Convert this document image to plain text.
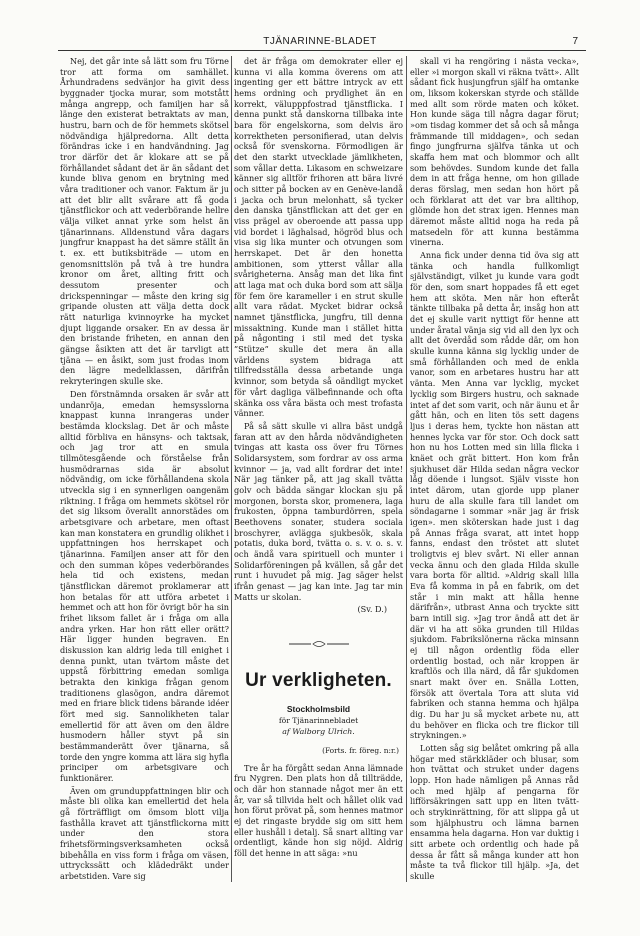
TJÄNARINNE-BLADET	7

Nej, det går inte så lätt som fru Törne tror att forma om samhället. Århundradens sedvänjor ha givit dess byggnader tjocka murar, som motstått många angrepp, och familjen har så länge den existerat betraktats av man, hustru, barn och de för hemmets skötsel nödvändiga hjälpredorna. Allt detta förändras icke i en handvändning. Jag tror därför det är klokare att se på förhållandet sådant det är än sådant det kunde bliva genom en brytning med våra traditioner och vanor. Faktum är ju att det blir allt svårare att få goda tjänstflickor och att vederbörande hellre välja vilket annat yrke som helst än tjänarinnans. Alldenstund våra dagars jungfrur knappast ha det sämre ställt än t. ex. ett butiksbiträde — utom en genomsnittslön på två à tre hundra kronor om året, allting fritt och dessutom presenter och drickspenningar — måste den kring sig gripande olusten att välja detta dock rätt naturliga kvinnoyrke ha mycket djupt liggande orsaker. En av dessa är den bristande friheten, en annan den gängse åsikten att det är tarvligt att tjäna — en åsikt, som just frodas inom den lägre medelklassen, därifrån rekryteringen skulle ske.

Den förstnämnda orsaken är svår att undanröja, emedan hemsysslorna knappast kunna inrangeras under bestämda klockslag. Det är och måste alltid förbliva en hänsyns- och taktsak, och jag tror att en smula tillmötesgående och förståelse från husmödrarnas sida är absolut nödvändig, om icke förhållandena skola utveckla sig i en synnerligen oangenäm riktning. I fråga om hemmets skötsel rör det sig liksom överallt annorstädes om arbetsgivare och arbetare, men oftast kan man konstatera en grundlig olikhet i uppfattningen hos herrskapet och tjänarinna. Familjen anser att för den och den summan köpes vederbörandes hela tid och existens, medan tjänstflickan däremot proklamerar att hon betalas för att utföra arbetet i hemmet och att hon för övrigt bör ha sin frihet liksom fallet är i fråga om alla andra yrken. Har hon rätt eller orätt? Här ligger hunden begraven. En diskussion kan aldrig leda till enighet i denna punkt, utan tvärtom måste det uppstå förbittring emedan somliga betrakta den kinkiga frågan genom traditionens glasögon, andra däremot med en friare blick tidens bärande idéer fört med sig. Sannolikheten talar emellertid för att även om den äldre husmodern håller styvt på sin bestämmanderätt över tjänarna, så torde den yngre komma att lära sig hyfla principer om arbetsgivare och funktionärer.

Även om grunduppfattningen blir och måste bli olika kan emellertid det hela gå förträffligt om ömsom blott vilja fasthålla kravet att tjänstflickorna mitt under den stora frihetsförmingsverksamheten också bibehålla en viss form i fråga om väsen, uttryckssätt och klädedräkt under arbetstiden. Vare sig

det är fråga om demokrater eller ej kunna vi alla komma överens om att ingenting ger ett bättre intryck av ett hems ordning och prydlighet än en korrekt, välupppfostrad tjänstflicka. I denna punkt stå danskorna tillbaka inte bara för engelskorna, som delvis äro korrektheten personifierad, utan delvis också för svenskorna. Förmodligen är det den starkt utvecklade jämlikheten, som vållar detta. Likasom en schweizare känner sig alltför frihoren att bära livré och sitter på bocken av en Genève-landå i jacka och brun melonhatt, så tycker den danska tjänstflickan att det ger en viss prägel av oberoende att passa upp vid bordet i läghalsad, högröd blus och visa sig lika munter och otvungen som herrskapet. Det är den honetta ambitionen, som ytterst vållar alla svårigheterna. Ansåg man det lika fint att laga mat och duka bord som att sälja för fem öre karameller i en strut skulle allt vara rädat. Mycket bidrar också namnet tjänstflicka, jungfru, till denna missaktning. Kunde man i stället hitta på någonting i stil med det tyska ”Stütze” skulle det mera än alla världens system bidraga att tillfredsställa dessa arbetande unga kvinnor, som betyda så oändligt mycket för vårt dagliga välbefinnande och ofta skänka oss våra bästa och mest trofasta vänner.

På så sätt skulle vi allra bäst undgå faran att av den hårda nödvändigheten tvingas att kasta oss över fru Törnes Solidarsystem, som fordrar av oss arma kvinnor — ja, vad allt fordrar det inte! När jag tänker på, att jag skall tvätta golv och bädda sängar klockan sju på morgonen, borsta skor, promenera, laga frukosten, öppna tamburdörren, spela Beethovens sonater, studera sociala broschyrer, avlägga sjukbesök, skala potatis, duka bord, tvätta o. s. v. o. s. v. och ändå vara spirituell och munter i Solidarföreningen på kvällen, så går det runt i huvudet på mig. Jag säger helst ifrån genast — jag kan inte. Jag tar min Matts ur skolan.

(Sv. D.)
Ur verkligheten.
Stockholmsbild
för Tjänarinnebladet
af Walborg Ulrich.
(Forts. fr. föreg. n:r.)

Tre år ha förgått sedan Anna lämnade fru Nygren. Den plats hon då tillträdde, och där hon stannade något mer än ett år, var så tillvida helt och hållet olik vad hon förut prövat på, som hennes matmor ej det ringaste brydde sig om sitt hem eller hushåll i detalj. Så snart allting var ordentligt, kände hon sig nöjd. Aldrig föll det henne in att säga: »nu

skall vi ha rengöring i nästa vecka», eller »i morgon skall vi räkna tvätt». Allt sådant fick husjungfrun själf ha omtanke om, liksom kokerskan styrde och ställde med allt som rörde maten och köket. Hon kunde säga till några dagar förut; »om tisdag kommer det så och så många främmande till middagen», och sedan fingo jungfrurna själfva tänka ut och skaffa hem mat och blommor och allt som behövdes. Sundom kunde det falla dem in att fråga henne, om hon gillade deras förslag, men sedan hon hört på och förklarat att det var bra alltihop, glömde hon det strax igen. Hennes man däremot måste alltid noga ha reda på matsedeln för att kunna bestämma vinerna.

Anna fick under denna tid öva sig att tänka och handla fullkomligt självständigt, vilket ju kunde vara godt för den, som snart hoppades få ett eget hem att sköta. Men när hon efteråt tänkte tillbaka på detta år, insåg hon att det ej skulle varit nyttigt för henne att under åratal vänja sig vid all den lyx och allt det överdåd som rådde där, om hon skulle kunna känna sig lycklig under de små förhållanden och med de enkla vanor, som en arbetares hustru har att vänta. Men Anna var lycklig, mycket lycklig som Birgers hustru, och saknade intet af det som varit, och när äunu et år gått hän, och en liten tös sett dagens ljus i deras hem, tyckte hon nästan att hennes lycka var för stor. Och dock satt hon nu hos Lotten med sin lilla flicka i knäet och grät bittert. Hon kom från sjukhuset där Hilda sedan några veckor låg döende i lungsot. Själv visste hon intet därom, utan gjorde upp planer huru de alla skulle fara till landet om söndagarne i sommar »när jag är frisk igen». men sköterskan hade just i dag på Annas fråga svarat, att intet hopp fanns, endast den tröstet att slutet troligtvis ej blev svårt. Ni eller annan vecka ännu och den glada Hilda skulle vara borta för alltid. »Aldrig skall lilla Eva få komma in på en fabrik, om det står i min makt att hålla henne därifrån», utbrast Anna och tryckte sitt barn intill sig. »Jag tror ändå att det är där vi ha att söka grunden till Hildas sjukdom. Fabrikslönerna räcka minsann ej till någon ordentlig föda eller ordentlig bostad, och när kroppen är kraftlös och illa närd, då får sjukdomen snart makt över en. Snälla Lotten, försök att övertala Tora att sluta vid fabriken och stanna hemma och hjälpa dig. Du har ju så mycket arbete nu, att du behöver en flicka och tre flickor till strykningen.»

Lotten såg sig belåtet omkring på alla högar med stärkkläder och blusar, som hon tvättat och struket under dagens lopp. Hon hade nämligen på Annas råd och med hjälp af pengarna för lifförsäkringen satt upp en liten tvätt- och strykinrättning, för att slippa gå ut som hjälphustru och lämna barnen ensamma hela dagarna. Hon var duktig i sitt arbete och ordentlig och hade på dessa år fått så många kunder att hon måste ta två flickor till hjälp. »Ja, det skulle
